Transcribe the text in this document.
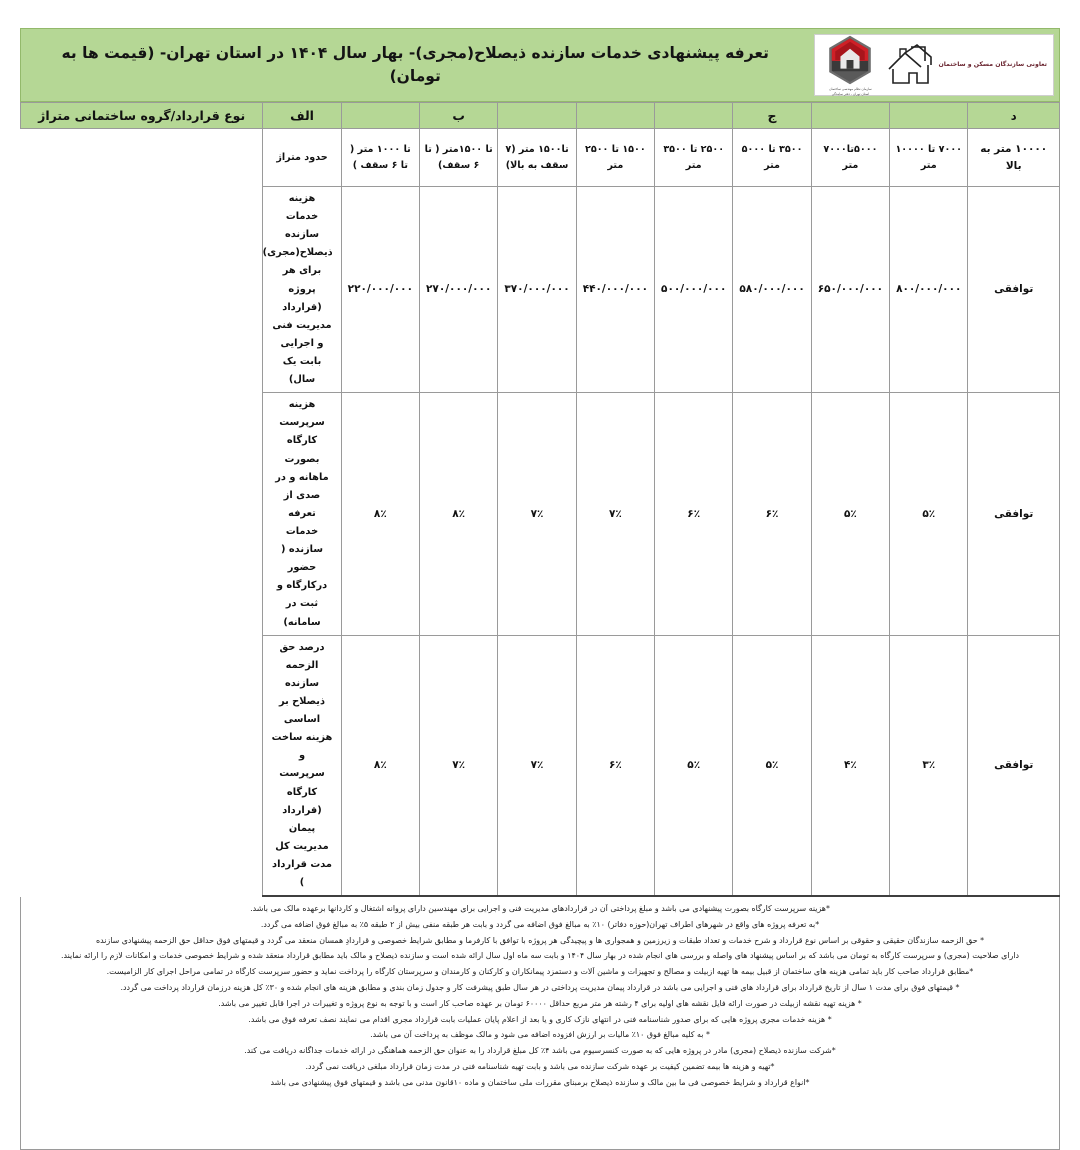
تعرفه پیشنهادی خدمات سازنده ذیصلاح(مجری)- بهار سال ۱۴۰۴ در استان تهران- (قیمت ها به تومان)
سازمان نظام مهندسی ساختمان
استان تهران - دفتر نمایندگی
تعاونی سازندگان مسکن و ساختمان
د			ج				ب		الف	نوع قرارداد/گروه ساختمانی متراژ
۱۰۰۰۰ متر به بالا	۷۰۰۰ تا ۱۰۰۰۰ متر	۵۰۰۰تا۷۰۰۰ متر	۳۵۰۰ تا ۵۰۰۰ متر	۲۵۰۰ تا ۳۵۰۰ متر	۱۵۰۰ تا ۲۵۰۰ متر	تا۱۵۰۰ متر (۷ سقف به بالا)	تا ۱۵۰۰متر ( تا ۶ سقف)	تا ۱۰۰۰ متر ( تا ۶ سقف )	حدود متراژ	
توافقی	۸۰۰/۰۰۰/۰۰۰	۶۵۰/۰۰۰/۰۰۰	۵۸۰/۰۰۰/۰۰۰	۵۰۰/۰۰۰/۰۰۰	۴۴۰/۰۰۰/۰۰۰	۳۷۰/۰۰۰/۰۰۰	۲۷۰/۰۰۰/۰۰۰	۲۲۰/۰۰۰/۰۰۰	هزینه خدمات سازنده ذیصلاح(مجری) برای هر پروژه
(قرارداد مدیریت فنی و اجرایی بابت یک سال)	
توافقی	۵٪	۵٪	۶٪	۶٪	۷٪	۷٪	۸٪	۸٪	هزینه سرپرست کارگاه بصورت ماهانه و در صدی از تعرفه خدمات
سازنده ( حضور درکارگاه و ثبت در سامانه)	
توافقی	۳٪	۴٪	۵٪	۵٪	۶٪	۷٪	۷٪	۸٪	درصد حق الزحمه سازنده ذیصلاح بر اساسی هزینه ساخت و
سرپرست کارگاه
(قرارداد پیمان مدیریت کل مدت قرارداد )	

*هزینه سرپرست کارگاه بصورت پیشنهادی می باشد و مبلغ پرداختی آن در قراردادهای مدیریت فنی و اجرایی برای مهندسین دارای پروانه اشتغال و کاردانها برعهده مالک می باشد.

*به تعرفه پروژه های واقع در شهرهای اطراف تهران(حوزه دفاتر) ۱۰٪ به مبالغ فوق اضافه می گردد و بابت هر طبقه منفی بیش از ۲ طبقه ۵٪ به مبالغ فوق اضافه می گردد.

* حق الزحمه سازندگان حقیقی و حقوقی بر اساس نوع قرارداد و شرح خدمات و تعداد طبقات و زیرزمین و همجواری ها و پیچیدگی هر پروژه با توافق با کارفرما و مطابق شرایط خصوصی و قراردادِ همسان منعقد می گردد و قیمتهای فوق حداقل حق الزحمه پیشنهادی سازنده

دارای صلاحیت (مجری) و سرپرست کارگاه به تومان می باشد که بر اساس پیشنهاد های واصله و بررسی های انجام شده در بهار سال ۱۴۰۴ و بابت سه ماه اول سال ارائه شده است و سازنده ذیصلاح و مالک باید مطابق قرارداد منعقد شده و شرایط خصوصی خدمات و امکانات لازم را ارائه نمایند.

*مطابق قرارداد صاحب کار باید تمامی هزینه های ساختمان از قبیل بیمه ها تهیه ازبیلت و مصالح و تجهیزات و ماشین آلات و دستمزد پیمانکاران و کارکنان و کارمندان و سرپرستان کارگاه را پرداخت نماید و حضور سرپرست کارگاه در تمامی مراحل اجرای کار الزامیست.

* قیمتهای فوق برای مدت ۱ سال از تاریخ قرارداد برای قرارداد های فنی و اجرایی می باشد در قرارداد پیمان مدیریت پرداختی در هر سال طبق پیشرفت کار و جدول زمان بندی و مطابق هزینه های انجام شده و ۳۰٪ کل هزینه درزمان قرارداد پرداخت می گردد.

* هزینه تهیه نقشه ازبیلت در صورت ارائه فایل نقشه های اولیه برای ۴ رشته هر متر مربع حداقل ۶۰۰۰۰ تومان بر عهده صاحب کار است و با توجه به نوع پروژه و تغییرات در اجرا قابل تغییر می باشد.

* هزینه خدمات مجری پروژه هایی که برای صدور شناسنامه فنی در انتهای نازک کاری و یا بعد از اعلام پایان عملیات بابت قرارداد مجری اقدام می نمایند نصف تعرفه فوق می باشد.

* به کلیه مبالغ فوق ۱۰٪ مالیات بر ارزش افزوده اضافه می شود و مالک موظف به پرداخت آن می باشد.

*شرکت سازنده ذیصلاح (مجری) مادر در پروژه هایی که به صورت کنسرسیوم می باشد ۴٪ کل مبلغ قرارداد را به عنوان حق الزحمه هماهنگی در ارائه خدمات جداگانه دریافت می کند.

*تهیه و هزینه ها بیمه تضمین کیفیت بر عهده شرکت سازنده می باشد و بابت تهیه شناسنامه فنی در مدت زمان قرارداد مبلغی دریافت نمی گردد.

*انواع قرارداد و شرایط خصوصی فی ما بین مالک و سازنده ذیصلاح برمبنای مقررات ملی ساختمان و ماده ۱۰قانون مدنی می باشد و قیمتهای فوق پیشنهادی می باشد
